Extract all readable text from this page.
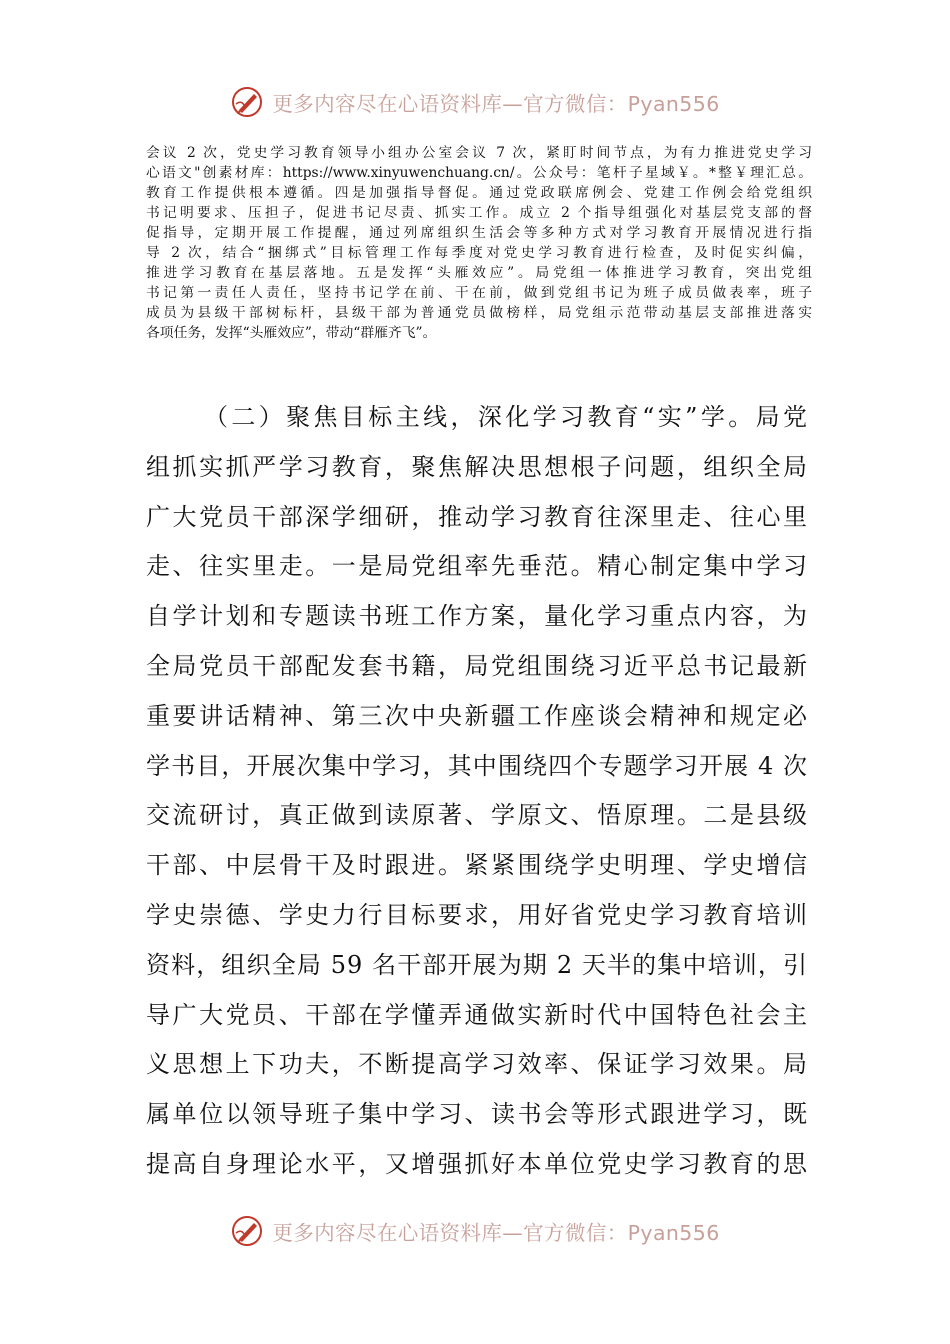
更多内容尽在心语资料库—官方微信：Pyan556
会议 2 次，党史学习教育领导小组办公室会议 7 次，紧盯时间节点，为有力推进党史学习
心语文"创素材库：https://www.xinyuwenchuang.cn/。公众号：笔杆子星域￥。*整￥理汇总。
教育工作提供根本遵循。四是加强指导督促。通过党政联席例会、党建工作例会给党组织
书记明要求、压担子，促进书记尽责、抓实工作。成立 2 个指导组强化对基层党支部的督
促指导，定期开展工作提醒，通过列席组织生活会等多种方式对学习教育开展情况进行指
导 2 次，结合“捆绑式”目标管理工作每季度对党史学习教育进行检查，及时促实纠偏，
推进学习教育在基层落地。五是发挥“头雁效应”。局党组一体推进学习教育，突出党组
书记第一责任人责任，坚持书记学在前、干在前，做到党组书记为班子成员做表率，班子
成员为县级干部树标杆，县级干部为普通党员做榜样，局党组示范带动基层支部推进落实
各项任务，发挥“头雁效应”，带动“群雁齐飞”。
（二）聚焦目标主线，深化学习教育“实”学。局党
组抓实抓严学习教育，聚焦解决思想根子问题，组织全局
广大党员干部深学细研，推动学习教育往深里走、往心里
走、往实里走。一是局党组率先垂范。精心制定集中学习
自学计划和专题读书班工作方案，量化学习重点内容，为
全局党员干部配发套书籍，局党组围绕习近平总书记最新
重要讲话精神、第三次中央新疆工作座谈会精神和规定必
学书目，开展次集中学习，其中围绕四个专题学习开展 4 次
交流研讨，真正做到读原著、学原文、悟原理。二是县级
干部、中层骨干及时跟进。紧紧围绕学史明理、学史增信
学史崇德、学史力行目标要求，用好省党史学习教育培训
资料，组织全局 59 名干部开展为期 2 天半的集中培训，引
导广大党员、干部在学懂弄通做实新时代中国特色社会主
义思想上下功夫，不断提高学习效率、保证学习效果。局
属单位以领导班子集中学习、读书会等形式跟进学习，既
提高自身理论水平，又增强抓好本单位党史学习教育的思
更多内容尽在心语资料库—官方微信：Pyan556
